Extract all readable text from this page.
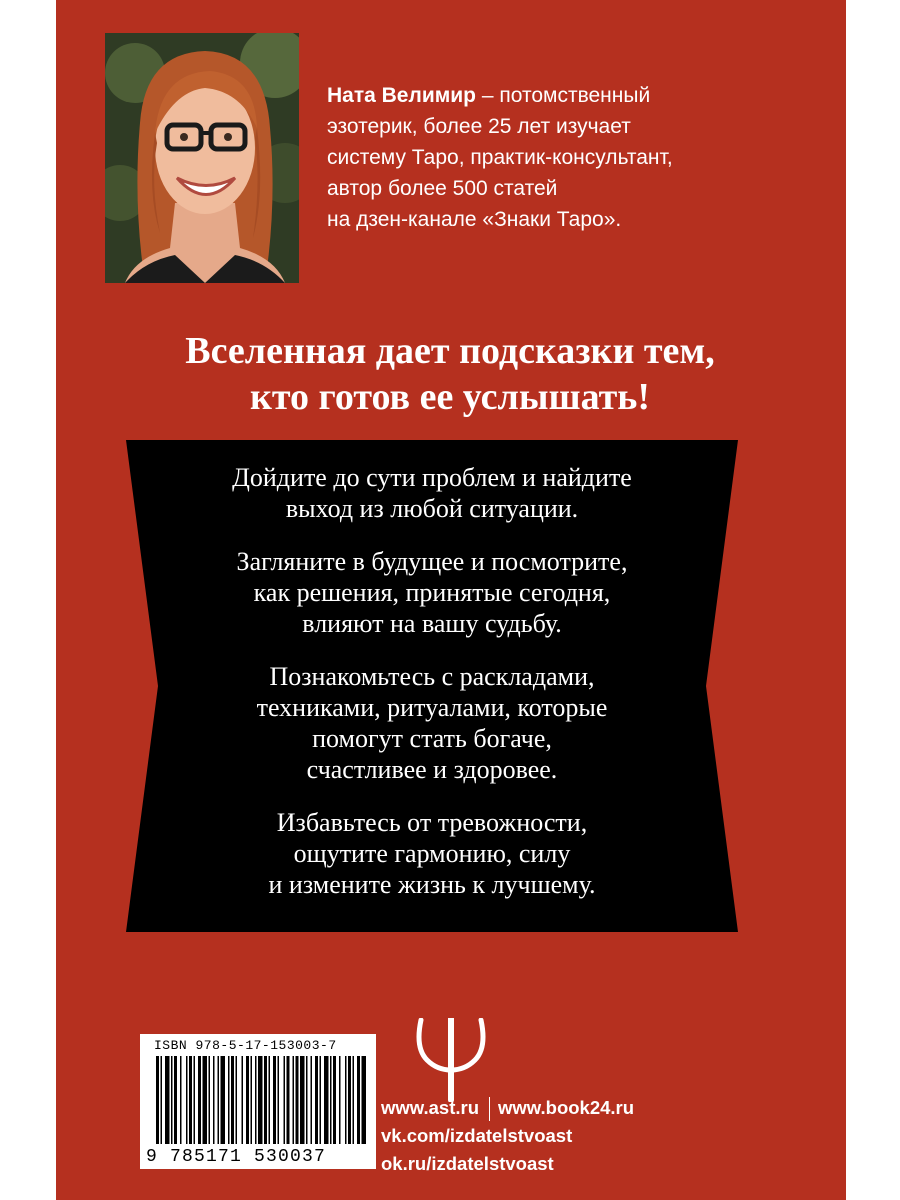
Ната Велимир – потомственный
эзотерик, более 25 лет изучает
систему Таро, практик-консультант,
автор более 500 статей
на дзен-канале «Знаки Таро».
Вселенная дает подсказки тем,
кто готов ее услышать!
Дойдите до сути проблем и найдите
выход из любой ситуации.
Загляните в будущее и посмотрите,
как решения, принятые сегодня,
влияют на вашу судьбу.
Познакомьтесь с раскладами,
техниками, ритуалами, которые
помогут стать богаче,
счастливее и здоровее.
Избавьтесь от тревожности,
ощутите гармонию, силу
и измените жизнь к лучшему.
ISBN 978-5-17-153003-7
9 785171 530037
www.ast.ru www.book24.ru
vk.com/izdatelstvoast
ok.ru/izdatelstvoast
